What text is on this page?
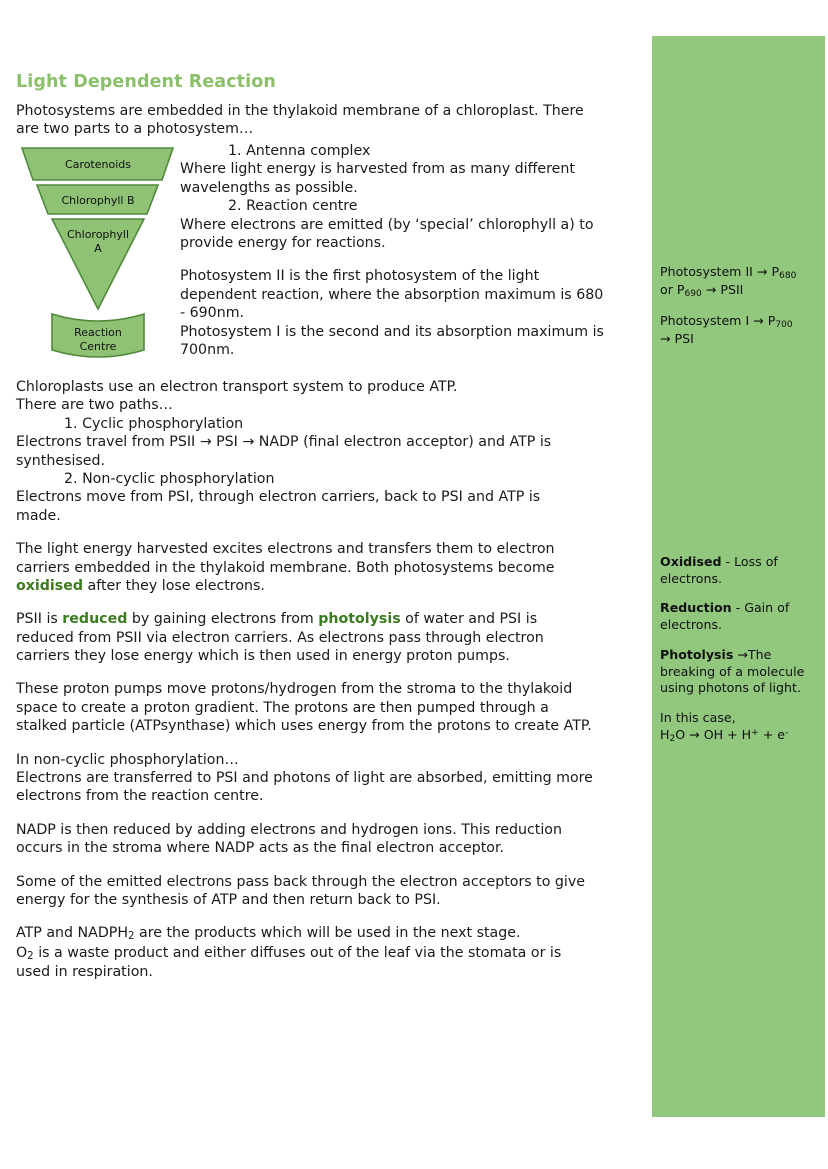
Photosystem II → $P_{680}$
or $P_{690}$ → PSII

Photosystem $I \to P_{700}$
→ PSI

Oxidised - Loss of electrons.

Reduction - Gain of electrons.

Photolysis →The breaking of a molecule using photons of light.

In this case,
$H_2O$ → OH + H+ + e-

Light Dependent Reaction

Photosystems are embedded in the thylakoid membrane of a chloroplast. There
are two parts to a photosystem…

Carotenoids
Chlorophyll B
Chlorophyll
A
Reaction
Centre

1. Antenna complex

Where light energy is harvested from as many different
wavelengths as possible.

2. Reaction centre

Where electrons are emitted (by ‘special’ chlorophyll a) to
provide energy for reactions.

Photosystem II is the first photosystem of the light
dependent reaction, where the absorption maximum is 680
- 690nm.

Photosystem I is the second and its absorption maximum is
700nm.

Chloroplasts use an electron transport system to produce ATP.
There are two paths…

1. Cyclic phosphorylation

Electrons travel from PSII → PSI → NADP (final electron acceptor) and ATP is
synthesised.

2. Non-cyclic phosphorylation

Electrons move from PSI, through electron carriers, back to PSI and ATP is
made.

The light energy harvested excites electrons and transfers them to electron
carriers embedded in the thylakoid membrane. Both photosystems become
oxidised after they lose electrons.

PSII is reduced by gaining electrons from photolysis of water and PSI is
reduced from PSII via electron carriers. As electrons pass through electron
carriers they lose energy which is then used in energy proton pumps.

These proton pumps move protons/hydrogen from the stroma to the thylakoid
space to create a proton gradient. The protons are then pumped through a
stalked particle (ATPsynthase) which uses energy from the protons to create ATP.

In non-cyclic phosphorylation…
Electrons are transferred to PSI and photons of light are absorbed, emitting more
electrons from the reaction centre.

NADP is then reduced by adding electrons and hydrogen ions. This reduction
occurs in the stroma where NADP acts as the final electron acceptor.

Some of the emitted electrons pass back through the electron acceptors to give
energy for the synthesis of ATP and then return back to PSI.

ATP and $NADPH_2$ are the products which will be used in the next stage.
$O_2$ is a waste product and either diffuses out of the leaf via the stomata or is
used in respiration.
